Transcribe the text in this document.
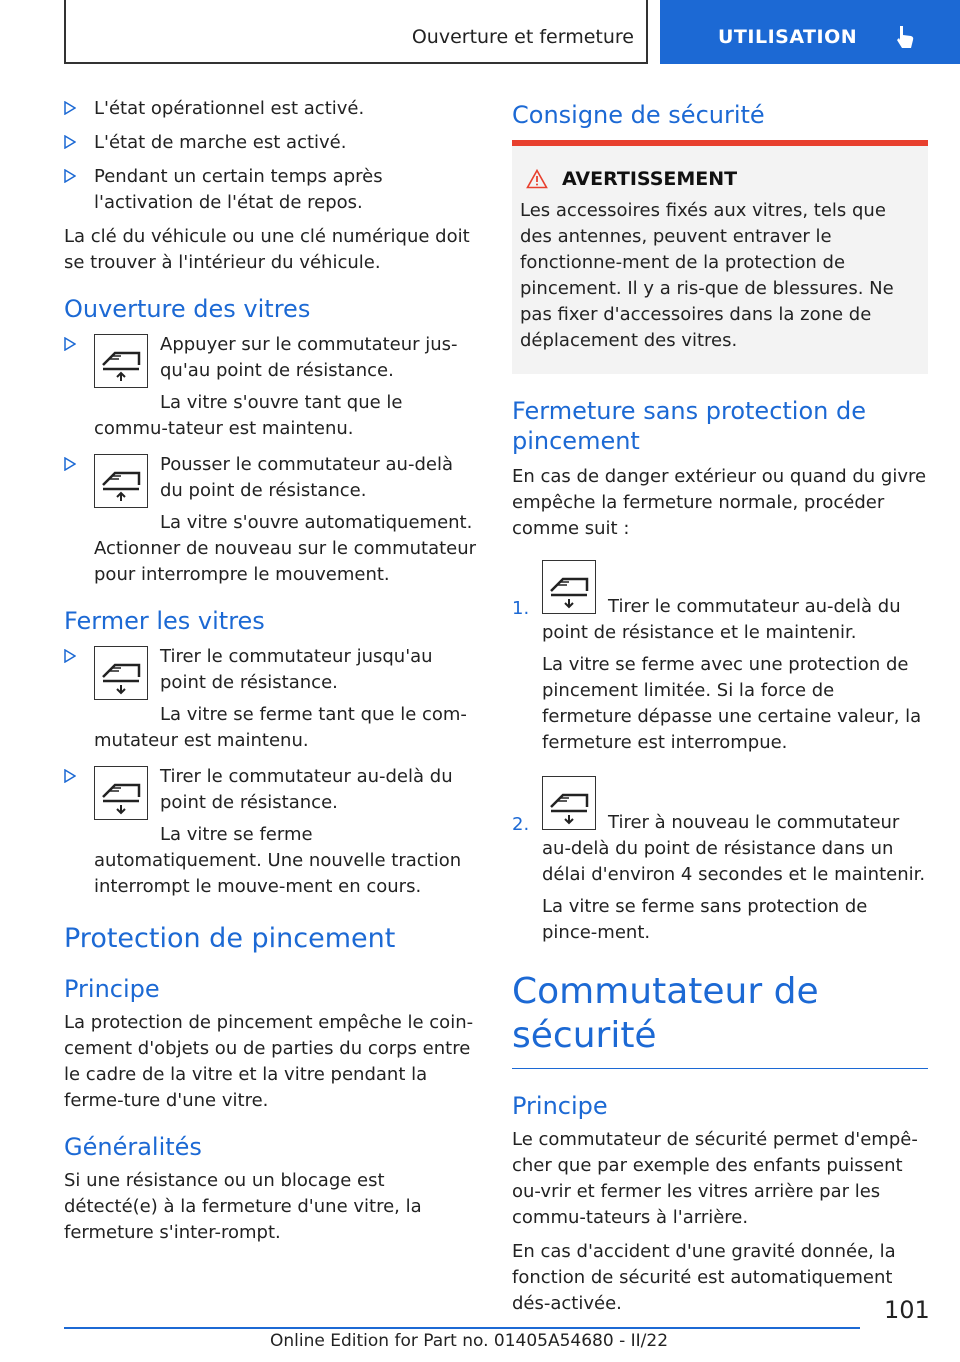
Ouverture et fermeture	UTILISATION

L'état opérationnel est activé.

L'état de marche est activé.

Pendant un certain temps après l'activation de l'état de repos.

La clé du véhicule ou une clé numérique doit se trouver à l'intérieur du véhicule.

Ouverture des vitres

Appuyer sur le commutateur jus-qu'au point de résistance.

La vitre s'ouvre tant que le commu-tateur est maintenu.

Pousser le commutateur au-delà du point de résistance.

La vitre s'ouvre automatiquement. Actionner de nouveau sur le commutateur pour interrompre le mouvement.

Fermer les vitres

Tirer le commutateur jusqu'au point de résistance.

La vitre se ferme tant que le com-mutateur est maintenu.

Tirer le commutateur au-delà du point de résistance.

La vitre se ferme automatiquement. Une nouvelle traction interrompt le mouve-ment en cours.

Protection de pincement
Principe

La protection de pincement empêche le coin-cement d'objets ou de parties du corps entre le cadre de la vitre et la vitre pendant la ferme-ture d'une vitre.

Généralités

Si une résistance ou un blocage est détecté(e) à la fermeture d'une vitre, la fermeture s'inter-rompt.

Consigne de sécurité
AVERTISSEMENT

Les accessoires fixés aux vitres, tels que des antennes, peuvent entraver le fonctionne-ment de la protection de pincement. Il y a ris-que de blessures. Ne pas fixer d'accessoires dans la zone de déplacement des vitres.

Fermeture sans protection de pincement

En cas de danger extérieur ou quand du givre empêche la fermeture normale, procéder comme suit :

1.	Tirer le commutateur au-delà du point de résistance et le maintenir.

La vitre se ferme avec une protection de pincement limitée. Si la force de fermeture dépasse une certaine valeur, la fermeture est interrompue.

2.	Tirer à nouveau le commutateur au-delà du point de résistance dans un délai d'environ 4 secondes et le maintenir.

La vitre se ferme sans protection de pince-ment.

Commutateur de sécurité
Principe

Le commutateur de sécurité permet d'empê-cher que par exemple des enfants puissent ou-vrir et fermer les vitres arrière par les commu-tateurs à l'arrière.

En cas d'accident d'une gravité donnée, la fonction de sécurité est automatiquement dés-activée.	101
Online Edition for Part no. 01405A54680 - II/22
